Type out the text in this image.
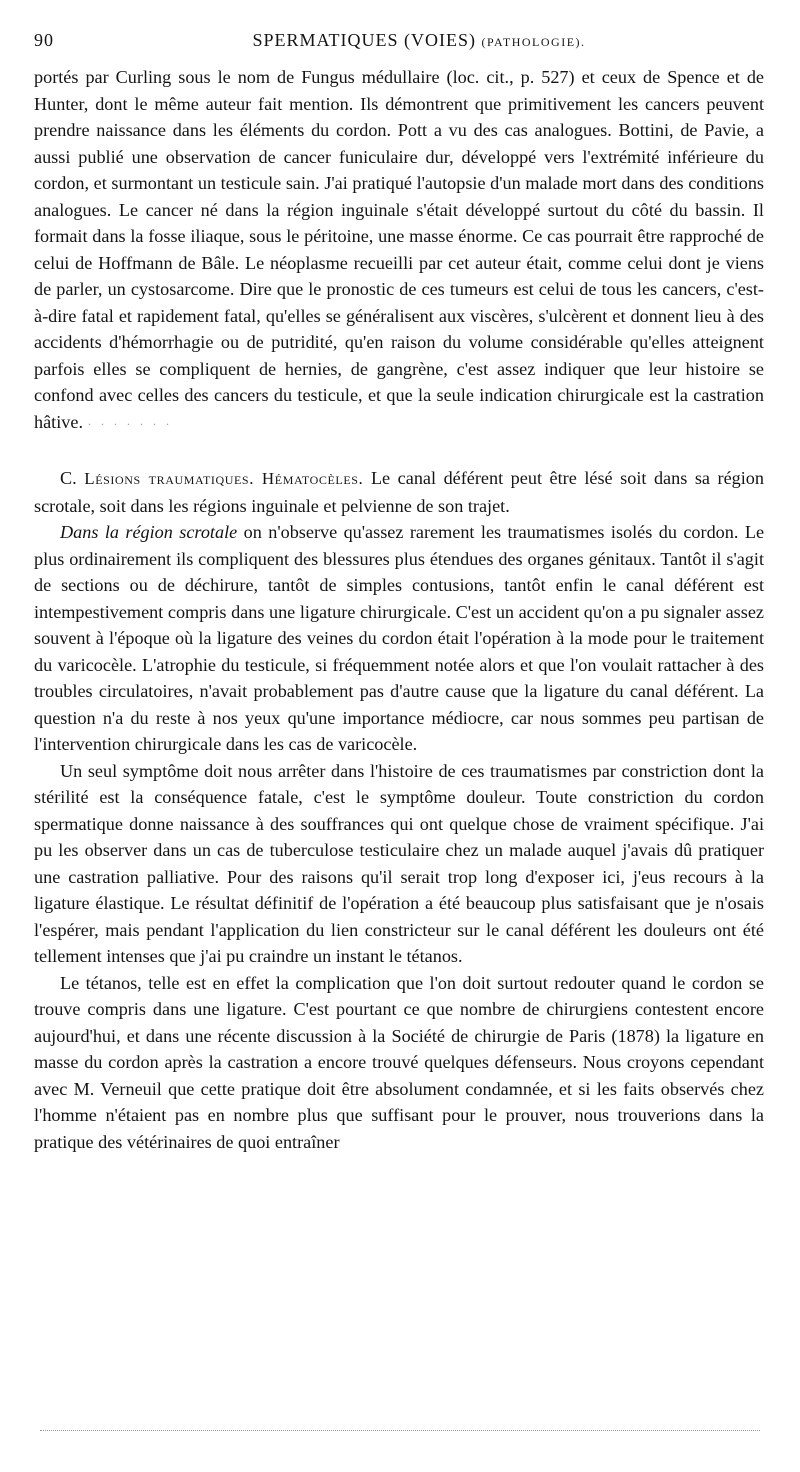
90	SPERMATIQUES (VOIES) (PATHOLOGIE).

portés par Curling sous le nom de Fungus médullaire (loc. cit., p. 527) et ceux de Spence et de Hunter, dont le même auteur fait mention. Ils démontrent que primitivement les cancers peuvent prendre naissance dans les éléments du cordon. Pott a vu des cas analogues. Bottini, de Pavie, a aussi publié une observation de cancer funiculaire dur, développé vers l'extrémité inférieure du cordon, et surmontant un testicule sain. J'ai pratiqué l'autopsie d'un malade mort dans des conditions analogues. Le cancer né dans la région inguinale s'était développé surtout du côté du bassin. Il formait dans la fosse iliaque, sous le péritoine, une masse énorme. Ce cas pourrait être rapproché de celui de Hoffmann de Bâle. Le néoplasme recueilli par cet auteur était, comme celui dont je viens de parler, un cystosarcome. Dire que le pronostic de ces tumeurs est celui de tous les cancers, c'est-à-dire fatal et rapidement fatal, qu'elles se généralisent aux viscères, s'ulcèrent et donnent lieu à des accidents d'hémorrhagie ou de putridité, qu'en raison du volume considérable qu'elles atteignent parfois elles se compliquent de hernies, de gangrène, c'est assez indiquer que leur histoire se confond avec celles des cancers du testicule, et que la seule indication chirurgicale est la castration hâtive. · · · · · · ·

C. Lésions traumatiques. Hématocèles. Le canal déférent peut être lésé soit dans sa région scrotale, soit dans les régions inguinale et pelvienne de son trajet.

Dans la région scrotale on n'observe qu'assez rarement les traumatismes isolés du cordon. Le plus ordinairement ils compliquent des blessures plus étendues des organes génitaux. Tantôt il s'agit de sections ou de déchirure, tantôt de simples contusions, tantôt enfin le canal déférent est intempestivement compris dans une ligature chirurgicale. C'est un accident qu'on a pu signaler assez souvent à l'époque où la ligature des veines du cordon était l'opération à la mode pour le traitement du varicocèle. L'atrophie du testicule, si fréquemment notée alors et que l'on voulait rattacher à des troubles circulatoires, n'avait probablement pas d'autre cause que la ligature du canal déférent. La question n'a du reste à nos yeux qu'une importance médiocre, car nous sommes peu partisan de l'intervention chirurgicale dans les cas de varicocèle.

Un seul symptôme doit nous arrêter dans l'histoire de ces traumatismes par constriction dont la stérilité est la conséquence fatale, c'est le symptôme douleur. Toute constriction du cordon spermatique donne naissance à des souffrances qui ont quelque chose de vraiment spécifique. J'ai pu les observer dans un cas de tuberculose testiculaire chez un malade auquel j'avais dû pratiquer une castration palliative. Pour des raisons qu'il serait trop long d'exposer ici, j'eus recours à la ligature élastique. Le résultat définitif de l'opération a été beaucoup plus satisfaisant que je n'osais l'espérer, mais pendant l'application du lien constricteur sur le canal déférent les douleurs ont été tellement intenses que j'ai pu craindre un instant le tétanos.

Le tétanos, telle est en effet la complication que l'on doit surtout redouter quand le cordon se trouve compris dans une ligature. C'est pourtant ce que nombre de chirurgiens contestent encore aujourd'hui, et dans une récente discussion à la Société de chirurgie de Paris (1878) la ligature en masse du cordon après la castration a encore trouvé quelques défenseurs. Nous croyons cependant avec M. Verneuil que cette pratique doit être absolument condamnée, et si les faits observés chez l'homme n'étaient pas en nombre plus que suffisant pour le prouver, nous trouverions dans la pratique des vétérinaires de quoi entraîner
